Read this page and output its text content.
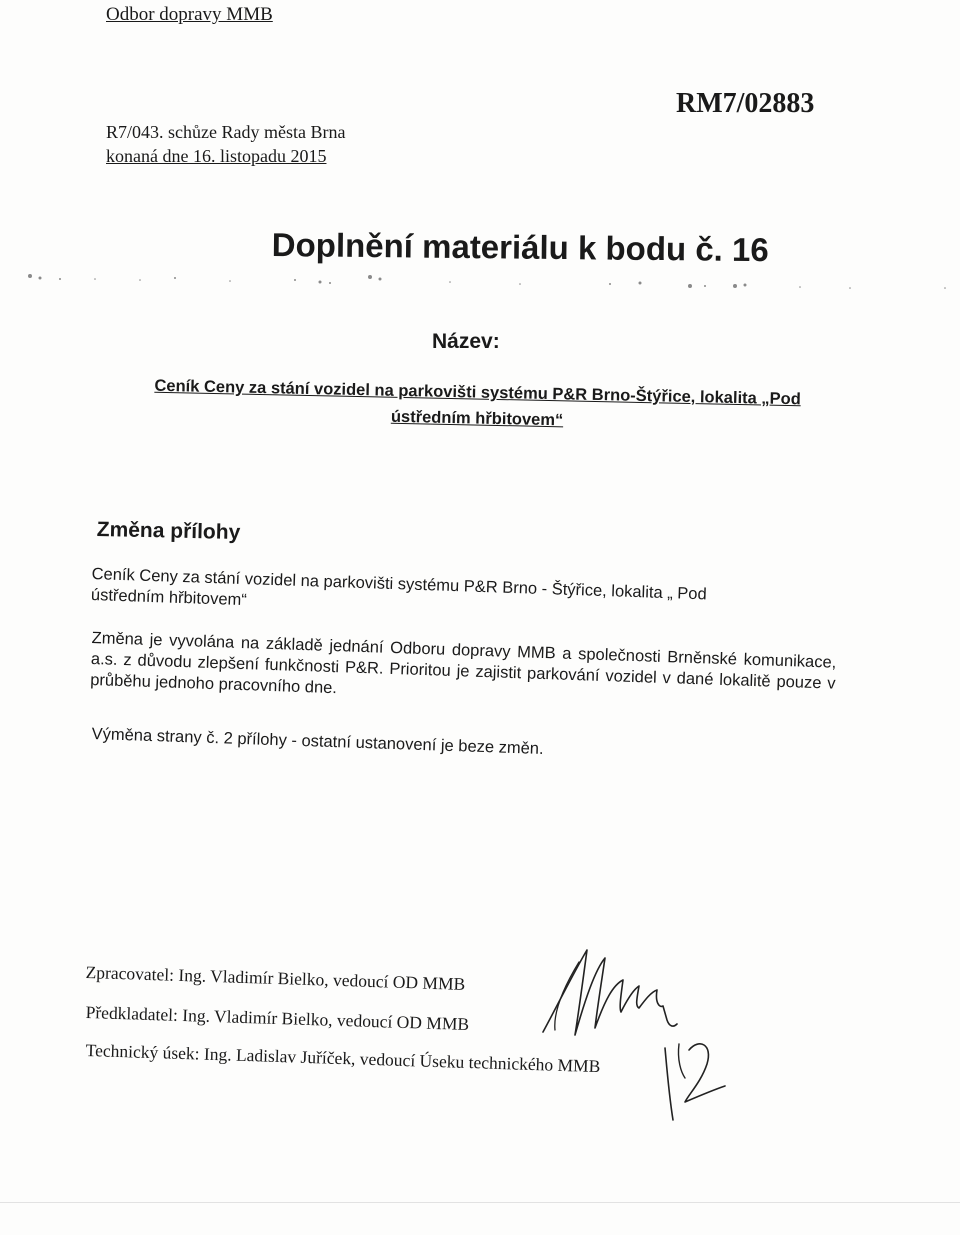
Odbor dopravy MMB
RM7/02883
R7/043. schůze Rady města Brna
konaná dne 16. listopadu 2015
Doplnění materiálu k bodu č. 16
Název:
Ceník Ceny za stání vozidel na parkovišti systému P&R Brno-Štýřice, lokalita „Pod ústředním hřbitovem“
Změna přílohy
Ceník Ceny za stání vozidel na parkovišti systému P&R Brno - Štýřice, lokalita „ Pod ústředním hřbitovem“
Změna je vyvolána na základě jednání Odboru dopravy MMB a společnosti Brněnské komunikace, a.s. z důvodu zlepšení funkčnosti P&R. Prioritou je zajistit parkování vozidel v dané lokalitě pouze v průběhu jednoho pracovního dne.
Výměna strany č. 2 přílohy - ostatní ustanovení je beze změn.
Zpracovatel: Ing. Vladimír Bielko, vedoucí OD MMB
Předkladatel: Ing. Vladimír Bielko, vedoucí OD MMB
Technický úsek: Ing. Ladislav Juříček, vedoucí Úseku technického MMB
